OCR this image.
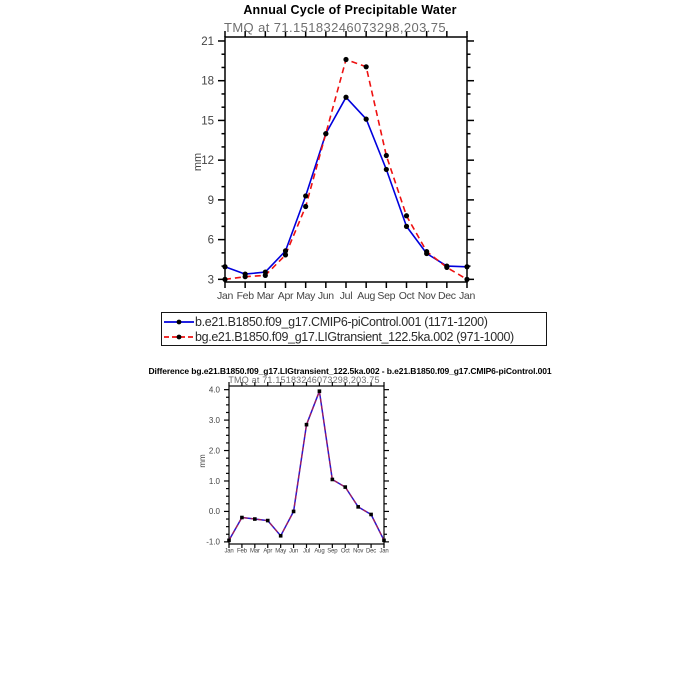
3
6
9
12
15
18
21
Jan Feb Mar Apr May Jun Jul Aug Sep Oct Nov Dec Jan
-1.0
0.0
1.0
2.0
3.0
4.0
Jan Feb Mar Apr May Jun Jul Aug Sep Oct Nov Dec Jan
Annual Cycle of Precipitable Water
TMQ at 71.15183246073298,203.75
mm
b.e21.B1850.f09_g17.CMIP6-piControl.001 (1171-1200)
bg.e21.B1850.f09_g17.LIGtransient_122.5ka.002 (971-1000)
Difference bg.e21.B1850.f09_g17.LIGtransient_122.5ka.002 - b.e21.B1850.f09_g17.CMIP6-piControl.001
TMQ at 71.15183246073298,203.75
mm
